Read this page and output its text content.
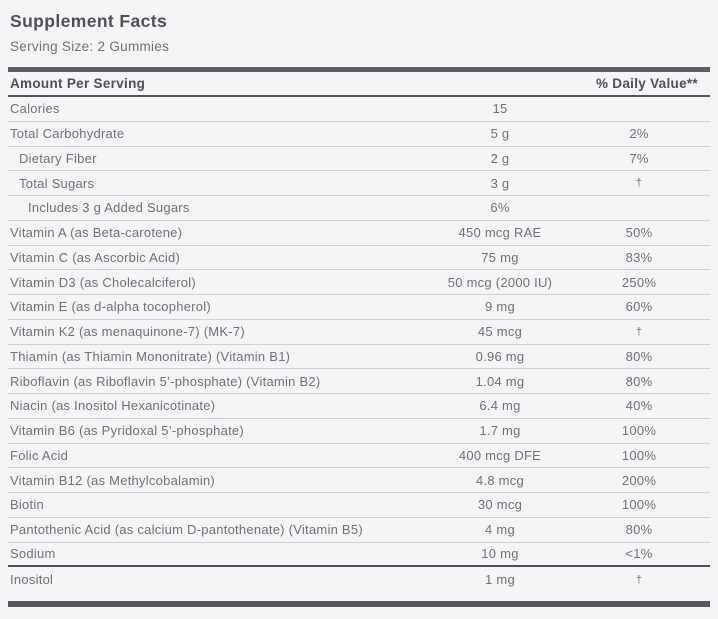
Supplement Facts
Serving Size: 2 Gummies
Amount Per Serving	% Daily Value**
Calories	15
Total Carbohydrate	5 g	2%
Dietary Fiber	2 g	7%
Total Sugars	3 g	†
Includes 3 g Added Sugars	6%
Vitamin A (as Beta-carotene)	450 mcg RAE	50%
Vitamin C (as Ascorbic Acid)	75 mg	83%
Vitamin D3 (as Cholecalciferol)	50 mcg (2000 IU)	250%
Vitamin E (as d-alpha tocopherol)	9 mg	60%
Vitamin K2 (as menaquinone-7) (MK-7)	45 mcg	†
Thiamin (as Thiamin Mononitrate) (Vitamin B1)	0.96 mg	80%
Riboflavin (as Riboflavin 5’-phosphate) (Vitamin B2)	1.04 mg	80%
Niacin (as Inositol Hexanicotinate)	6.4 mg	40%
Vitamin B6 (as Pyridoxal 5’-phosphate)	1.7 mg	100%
Folic Acid	400 mcg DFE	100%
Vitamin B12 (as Methylcobalamin)	4.8 mcg	200%
Biotin	30 mcg	100%
Pantothenic Acid (as calcium D-pantothenate) (Vitamin B5)	4 mg	80%
Sodium	10 mg	<1%
Inositol	1 mg	†
